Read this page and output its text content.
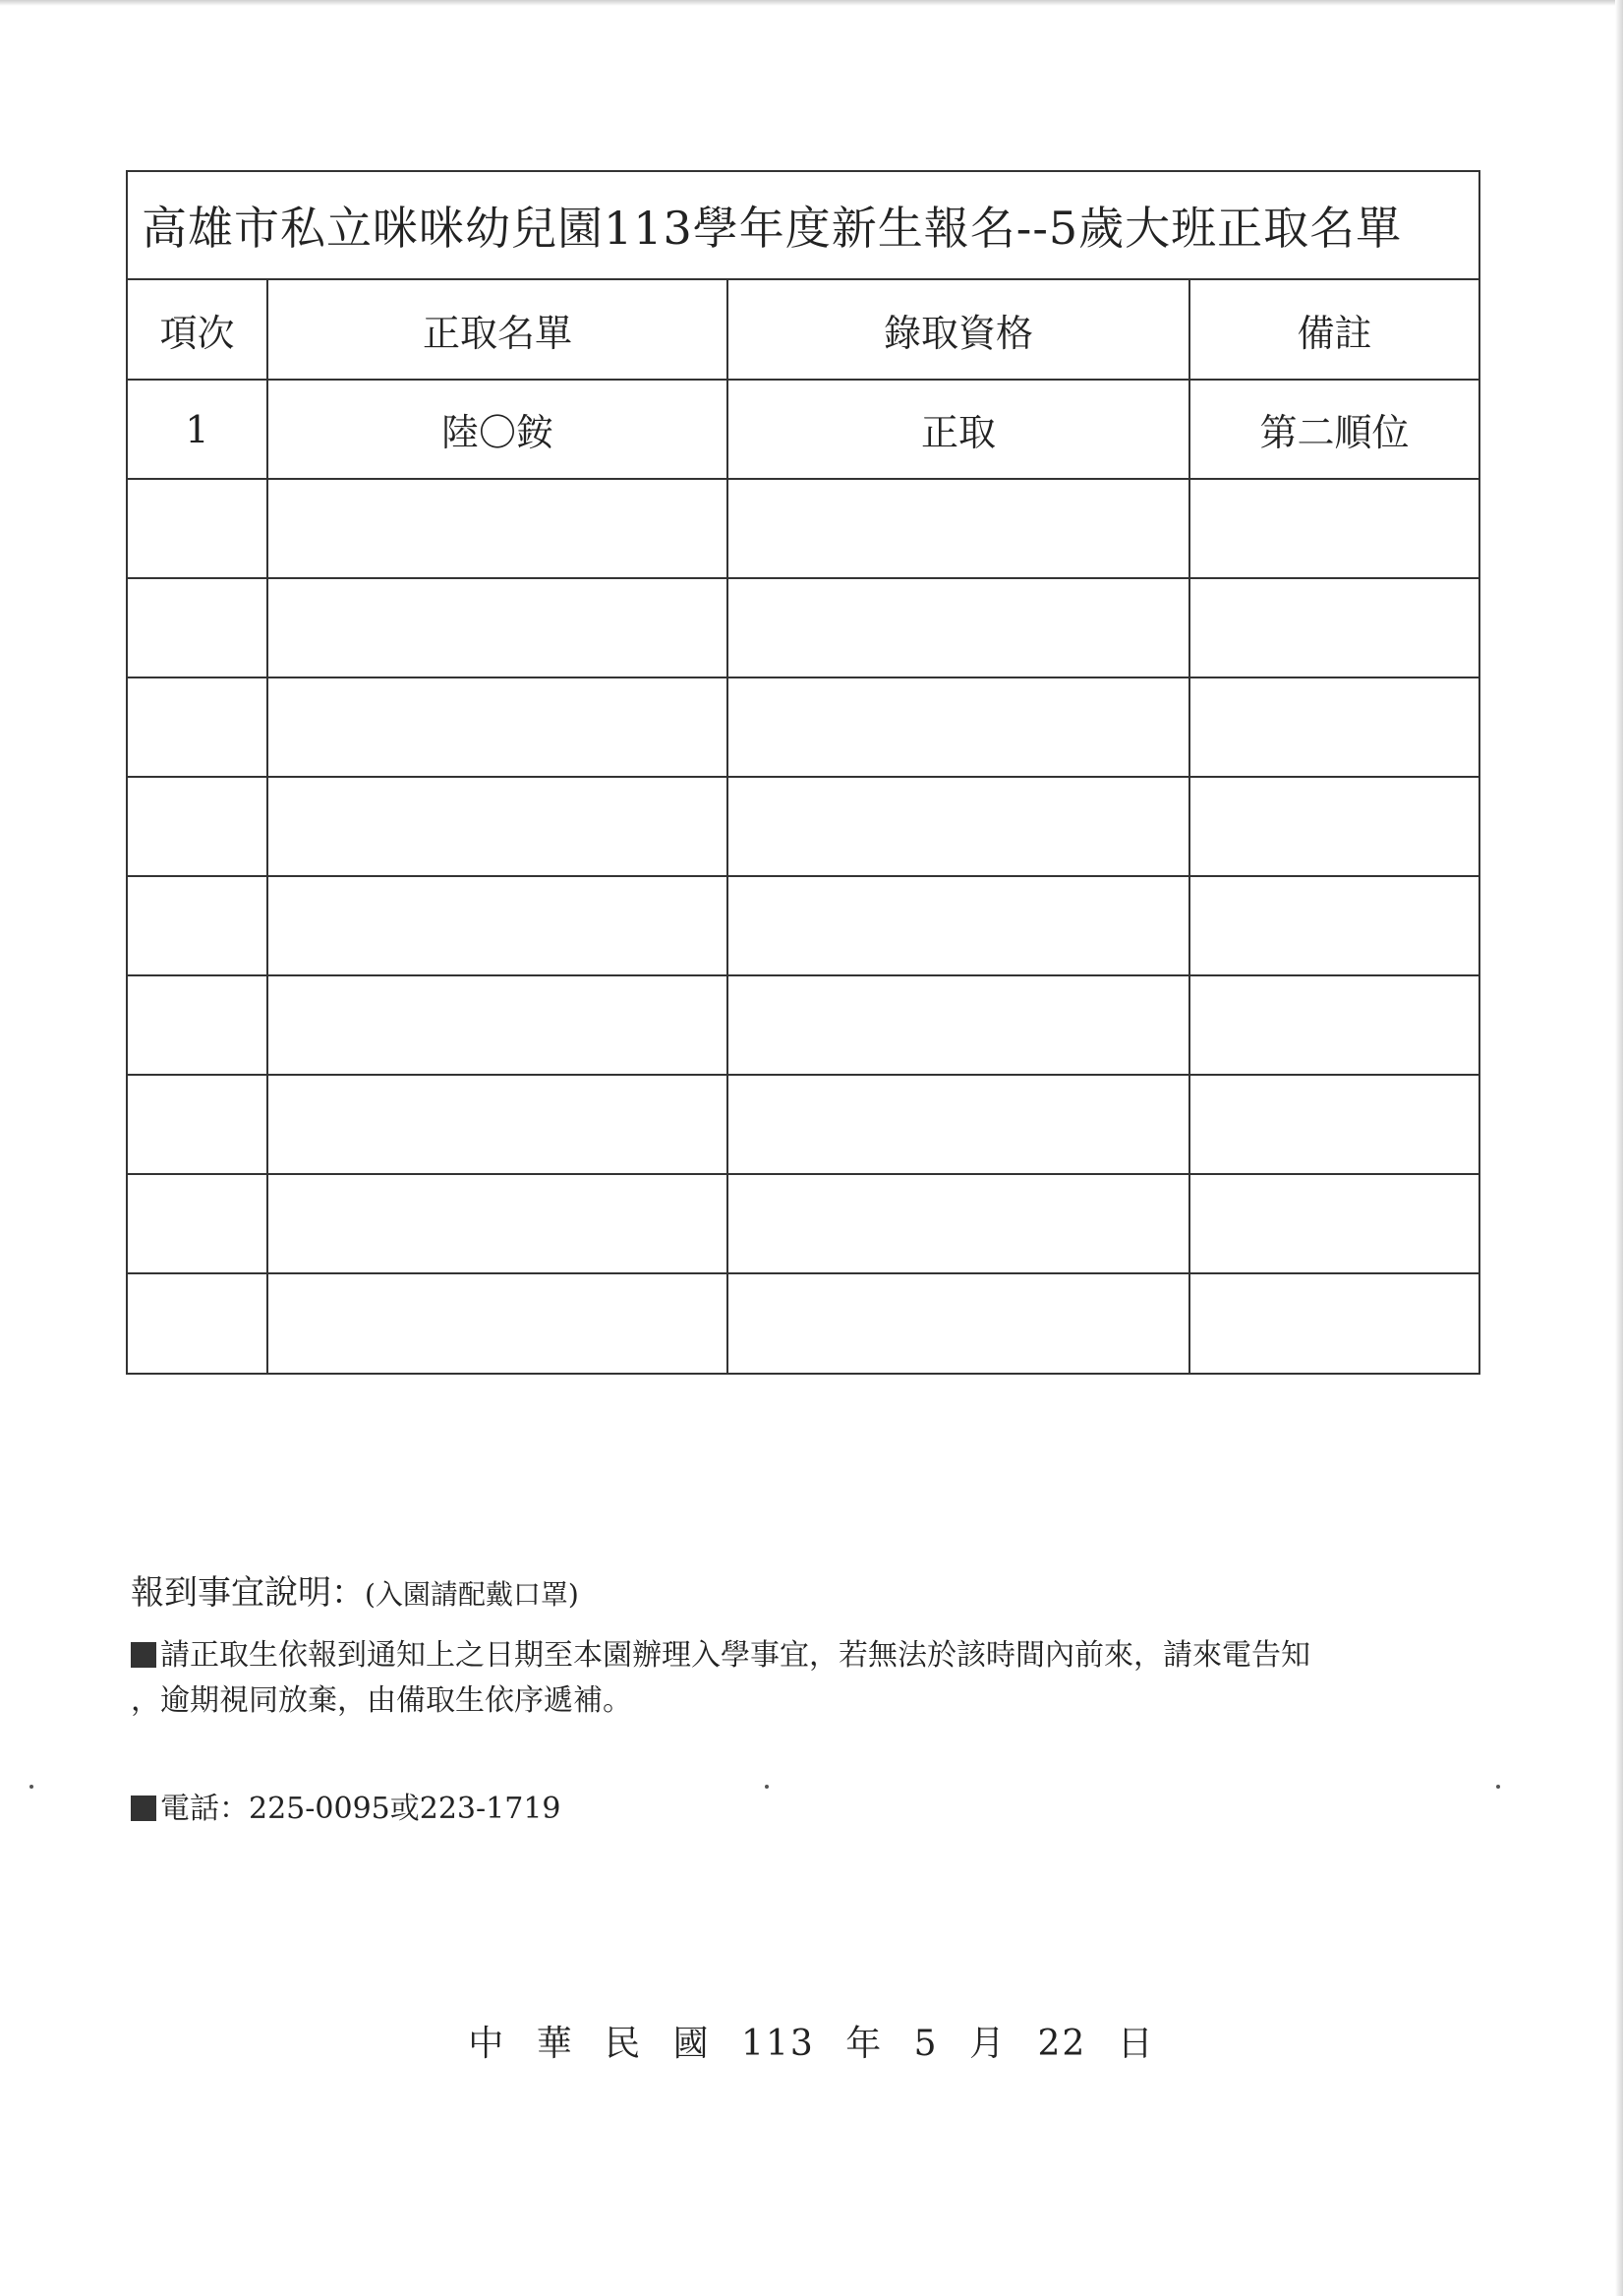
高雄市私立咪咪幼兒園113學年度新生報名--5歲大班正取名單
項次	正取名單	錄取資格	備註
1	陸〇銨	正取	第二順位

報到事宜說明：(入園請配戴口罩)

請正取生依報到通知上之日期至本園辦理入學事宜，若無法於該時間內前來，請來電告知

，逾期視同放棄，由備取生依序遞補。

電話：225-0095或223-1719

中 華 民 國 113 年 5 月 22 日
